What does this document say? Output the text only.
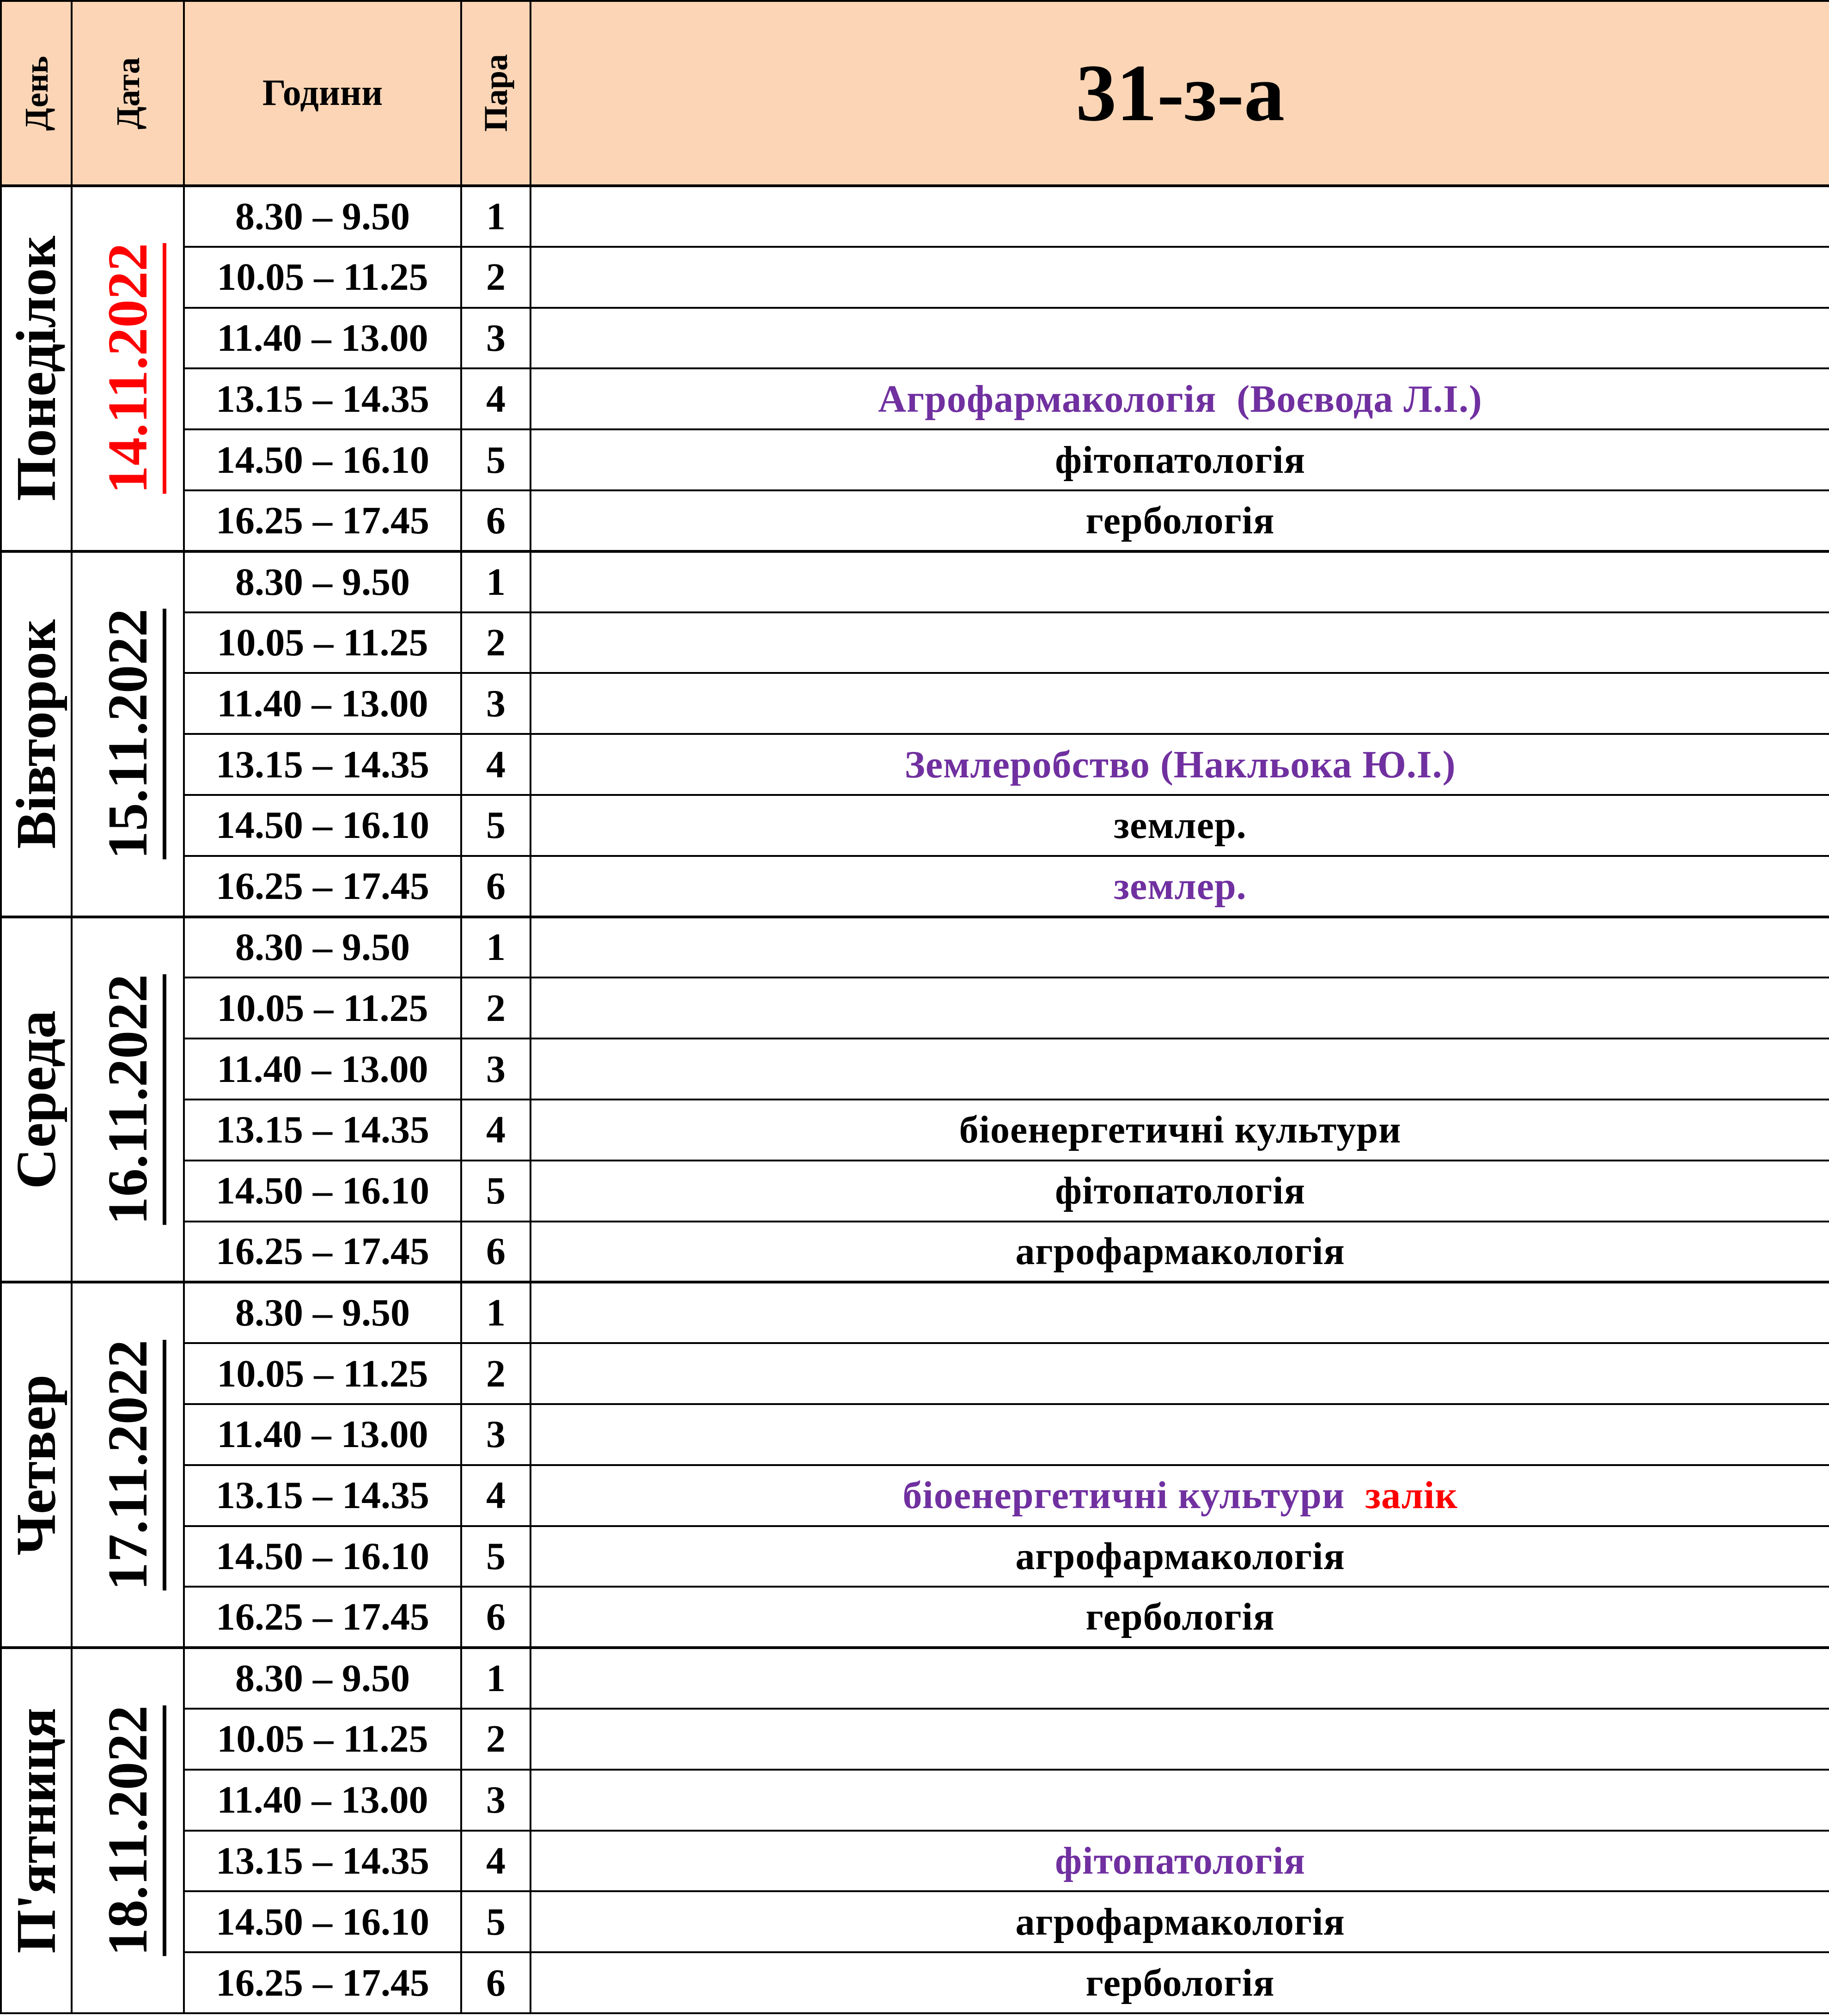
День	Дата	Години	Пара	31-з-а

Понеділок	14.11.2022	8.30 – 9.50	1	
		10.05 – 11.25	2	
		11.40 – 13.00	3	
		13.15 – 14.35	4	Агрофармакологія  (Воєвода Л.І.)
		14.50 – 16.10	5	фітопатологія
		16.25 – 17.45	6	гербологія

Вівторок	15.11.2022	8.30 – 9.50	1	
		10.05 – 11.25	2	
		11.40 – 13.00	3	
		13.15 – 14.35	4	Землеробство (Накльока Ю.І.)
		14.50 – 16.10	5	землер.
		16.25 – 17.45	6	землер.

Середа	16.11.2022	8.30 – 9.50	1	
		10.05 – 11.25	2	
		11.40 – 13.00	3	
		13.15 – 14.35	4	біоенергетичні культури
		14.50 – 16.10	5	фітопатологія
		16.25 – 17.45	6	агрофармакологія

Четвер	17.11.2022	8.30 – 9.50	1	
		10.05 – 11.25	2	
		11.40 – 13.00	3	
		13.15 – 14.35	4	біоенергетичні культури  залік
		14.50 – 16.10	5	агрофармакологія
		16.25 – 17.45	6	гербологія

П'ятниця	18.11.2022	8.30 – 9.50	1	
		10.05 – 11.25	2	
		11.40 – 13.00	3	
		13.15 – 14.35	4	фітопатологія
		14.50 – 16.10	5	агрофармакологія
		16.25 – 17.45	6	гербологія
